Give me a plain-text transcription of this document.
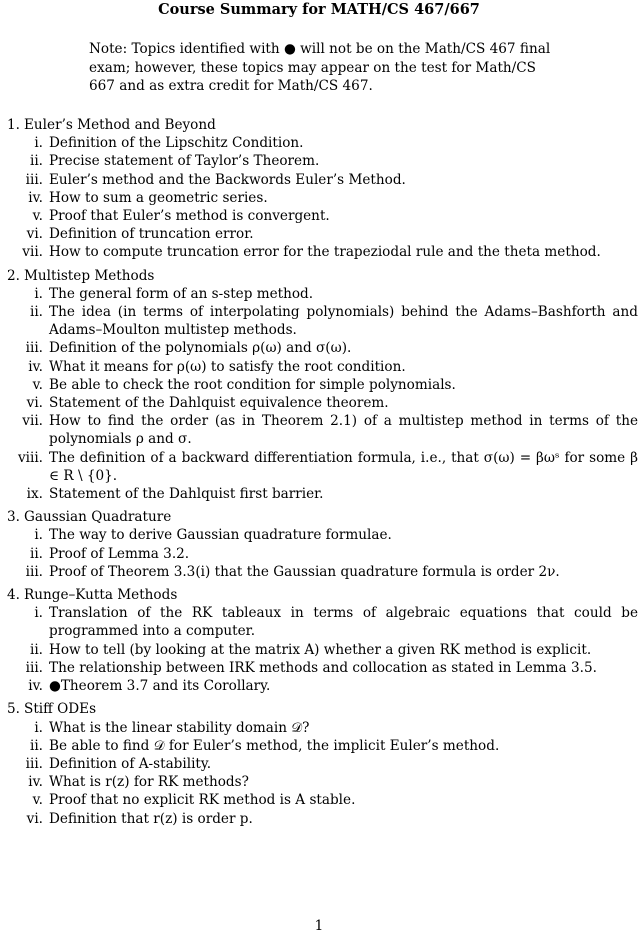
Course Summary for MATH/CS 467/667
Note: Topics identified with ● will not be on the Math/CS 467 final exam; however, these topics may appear on the test for Math/CS 667 and as extra credit for Math/CS 467.
1. Euler’s Method and Beyond
i. Definition of the Lipschitz Condition.
ii. Precise statement of Taylor’s Theorem.
iii. Euler’s method and the Backwords Euler’s Method.
iv. How to sum a geometric series.
v. Proof that Euler’s method is convergent.
vi. Definition of truncation error.
vii. How to compute truncation error for the trapeziodal rule and the theta method.
2. Multistep Methods
i. The general form of an s-step method.
ii. The idea (in terms of interpolating polynomials) behind the Adams–Bashforth and Adams–Moulton multistep methods.
iii. Definition of the polynomials ρ(ω) and σ(ω).
iv. What it means for ρ(ω) to satisfy the root condition.
v. Be able to check the root condition for simple polynomials.
vi. Statement of the Dahlquist equivalence theorem.
vii. How to find the order (as in Theorem 2.1) of a multistep method in terms of the polynomials ρ and σ.
viii. The definition of a backward differentiation formula, i.e., that σ(ω) = βωˢ for some β ∈ R \ {0}.
ix. Statement of the Dahlquist first barrier.
3. Gaussian Quadrature
i. The way to derive Gaussian quadrature formulae.
ii. Proof of Lemma 3.2.
iii. Proof of Theorem 3.3(i) that the Gaussian quadrature formula is order 2ν.
4. Runge–Kutta Methods
i. Translation of the RK tableaux in terms of algebraic equations that could be programmed into a computer.
ii. How to tell (by looking at the matrix A) whether a given RK method is explicit.
iii. The relationship between IRK methods and collocation as stated in Lemma 3.5.
iv. ●Theorem 3.7 and its Corollary.
5. Stiff ODEs
i. What is the linear stability domain 𝒟?
ii. Be able to find 𝒟 for Euler’s method, the implicit Euler’s method.
iii. Definition of A-stability.
iv. What is r(z) for RK methods?
v. Proof that no explicit RK method is A stable.
vi. Definition that r(z) is order p.
1
